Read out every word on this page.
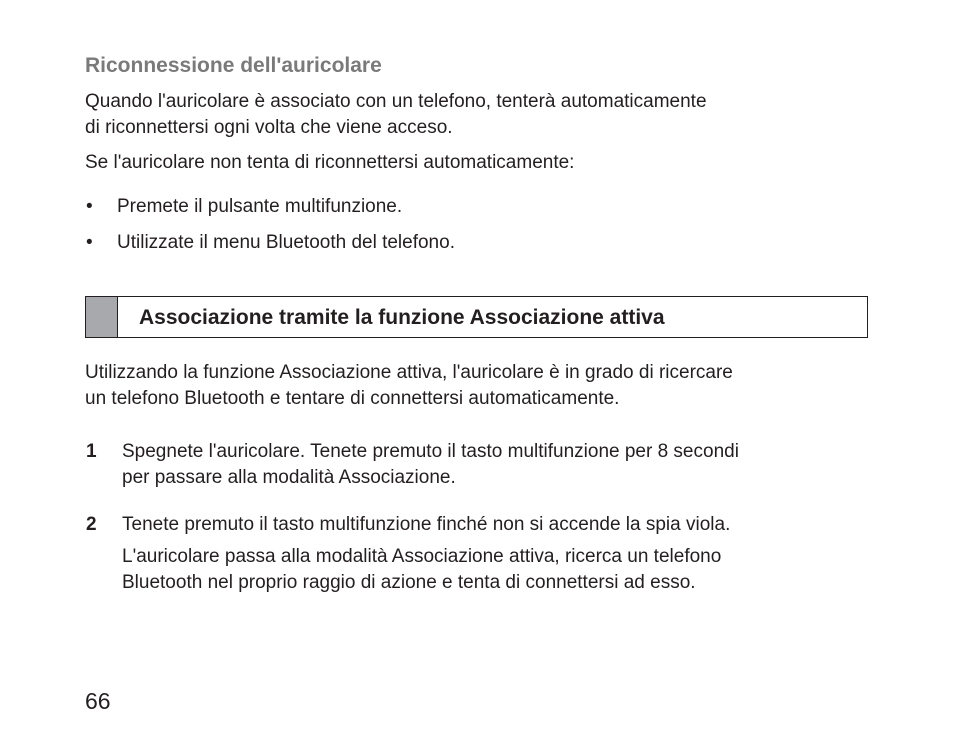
Riconnessione dell'auricolare
Quando l'auricolare è associato con un telefono, tenterà automaticamente
di riconnettersi ogni volta che viene acceso.
Se l'auricolare non tenta di riconnettersi automaticamente:
• Premete il pulsante multifunzione.
• Utilizzate il menu Bluetooth del telefono.
Associazione tramite la funzione Associazione attiva
Utilizzando la funzione Associazione attiva, l'auricolare è in grado di ricercare
un telefono Bluetooth e tentare di connettersi automaticamente.
1 Spegnete l'auricolare. Tenete premuto il tasto multifunzione per 8 secondi
per passare alla modalità Associazione.
2 Tenete premuto il tasto multifunzione finché non si accende la spia viola.
L'auricolare passa alla modalità Associazione attiva, ricerca un telefono
Bluetooth nel proprio raggio di azione e tenta di connettersi ad esso.
66
